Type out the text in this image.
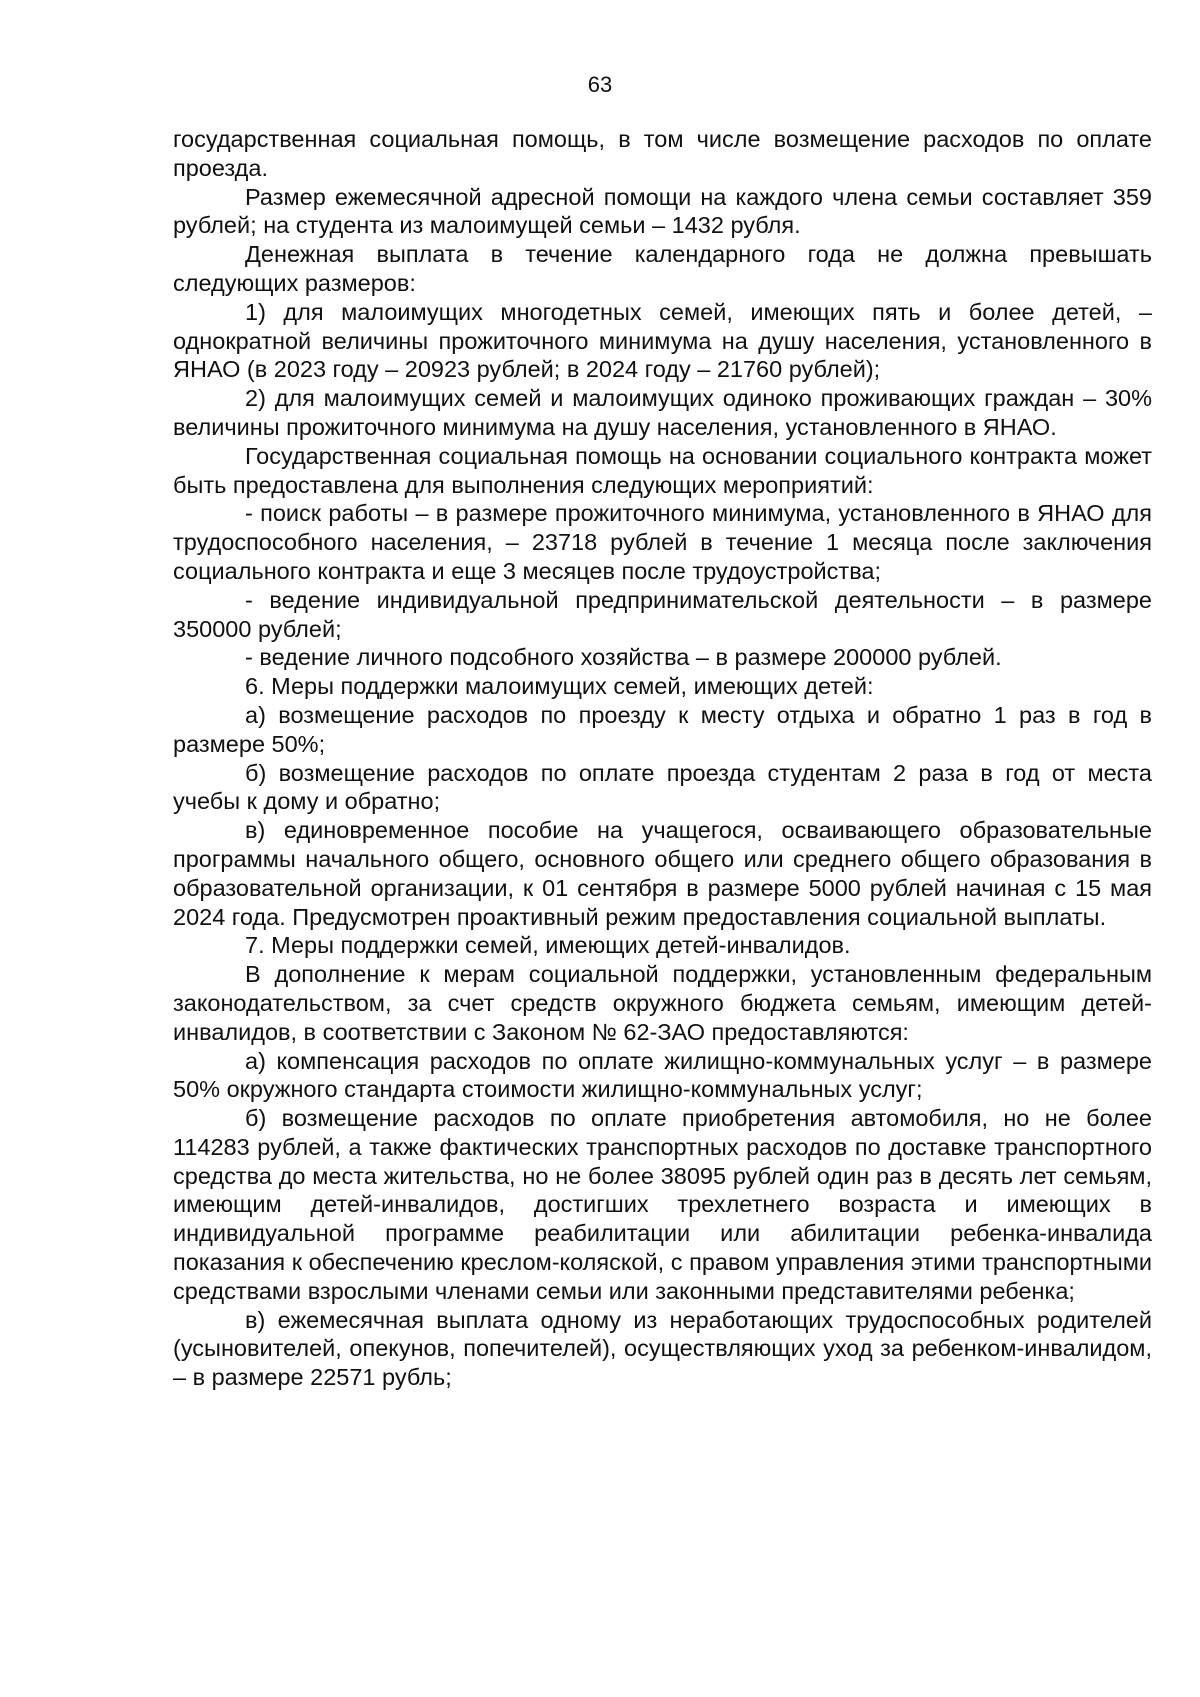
63

государственная социальная помощь, в том числе возмещение расходов по оплате проезда.

Размер ежемесячной адресной помощи на каждого члена семьи составляет 359 рублей; на студента из малоимущей семьи – 1432 рубля.

Денежная выплата в течение календарного года не должна превышать следующих размеров:

1) для малоимущих многодетных семей, имеющих пять и более детей, – однократной величины прожиточного минимума на душу населения, установленного в ЯНАО (в 2023 году – 20923 рублей; в 2024 году – 21760 рублей);

2) для малоимущих семей и малоимущих одиноко проживающих граждан – 30% величины прожиточного минимума на душу населения, установленного в ЯНАО.

Государственная социальная помощь на основании социального контракта может быть предоставлена для выполнения следующих мероприятий:

- поиск работы – в размере прожиточного минимума, установленного в ЯНАО для трудоспособного населения, – 23718 рублей в течение 1 месяца после заключения социального контракта и еще 3 месяцев после трудоустройства;

- ведение индивидуальной предпринимательской деятельности – в размере 350000 рублей;

- ведение личного подсобного хозяйства – в размере 200000 рублей.

6. Меры поддержки малоимущих семей, имеющих детей:

а) возмещение расходов по проезду к месту отдыха и обратно 1 раз в год в размере 50%;

б) возмещение расходов по оплате проезда студентам 2 раза в год от места учебы к дому и обратно;

в) единовременное пособие на учащегося, осваивающего образовательные программы начального общего, основного общего или среднего общего образования в образовательной организации, к 01 сентября в размере 5000 рублей начиная с 15 мая 2024 года. Предусмотрен проактивный режим предоставления социальной выплаты.

7. Меры поддержки семей, имеющих детей-инвалидов.

В дополнение к мерам социальной поддержки, установленным федеральным законодательством, за счет средств окружного бюджета семьям, имеющим детей-инвалидов, в соответствии с Законом № 62-ЗАО предоставляются:

а) компенсация расходов по оплате жилищно-коммунальных услуг – в размере 50% окружного стандарта стоимости жилищно-коммунальных услуг;

б) возмещение расходов по оплате приобретения автомобиля, но не более 114283 рублей, а также фактических транспортных расходов по доставке транспортного средства до места жительства, но не более 38095 рублей один раз в десять лет семьям, имеющим детей-инвалидов, достигших трехлетнего возраста и имеющих в индивидуальной программе реабилитации или абилитации ребенка-инвалида показания к обеспечению креслом-коляской, с правом управления этими транспортными средствами взрослыми членами семьи или законными представителями ребенка;

в) ежемесячная выплата одному из неработающих трудоспособных родителей (усыновителей, опекунов, попечителей), осуществляющих уход за ребенком-инвалидом, – в размере 22571 рубль;
